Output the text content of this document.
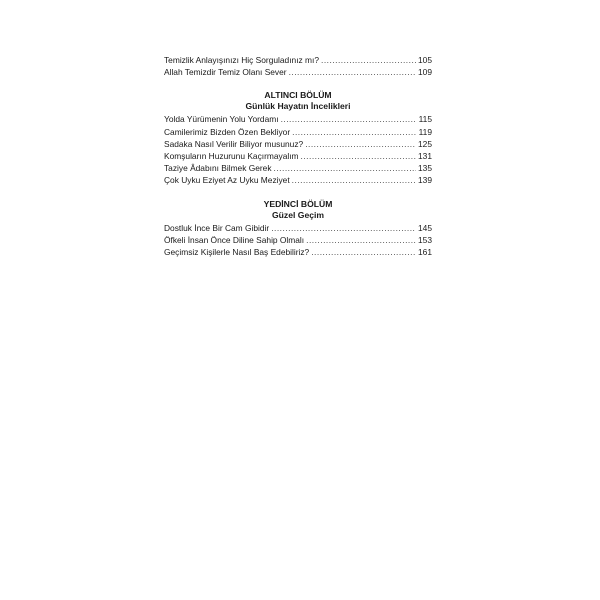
Temizlik Anlayışınızı Hiç Sorguladınız mı? .....	105
Allah Temizdir Temiz Olanı Sever .....	109

ALTINCI BÖLÜM

Günlük Hayatın İncelikleri

Yolda Yürümenin Yolu Yordamı .....	115
Camilerimiz Bizden Özen Bekliyor .....	119
Sadaka Nasıl Verilir Biliyor musunuz? .....	125
Komşuların Huzurunu Kaçırmayalım .....	131
Taziye Âdabını Bilmek Gerek .....	135
Çok Uyku Eziyet Az Uyku Meziyet .....	139

YEDİNCİ BÖLÜM

Güzel Geçim

Dostluk İnce Bir Cam Gibidir .....	145
Öfkeli İnsan Önce Diline Sahip Olmalı .....	153
Geçimsiz Kişilerle Nasıl Baş Edebiliriz? .....	161
